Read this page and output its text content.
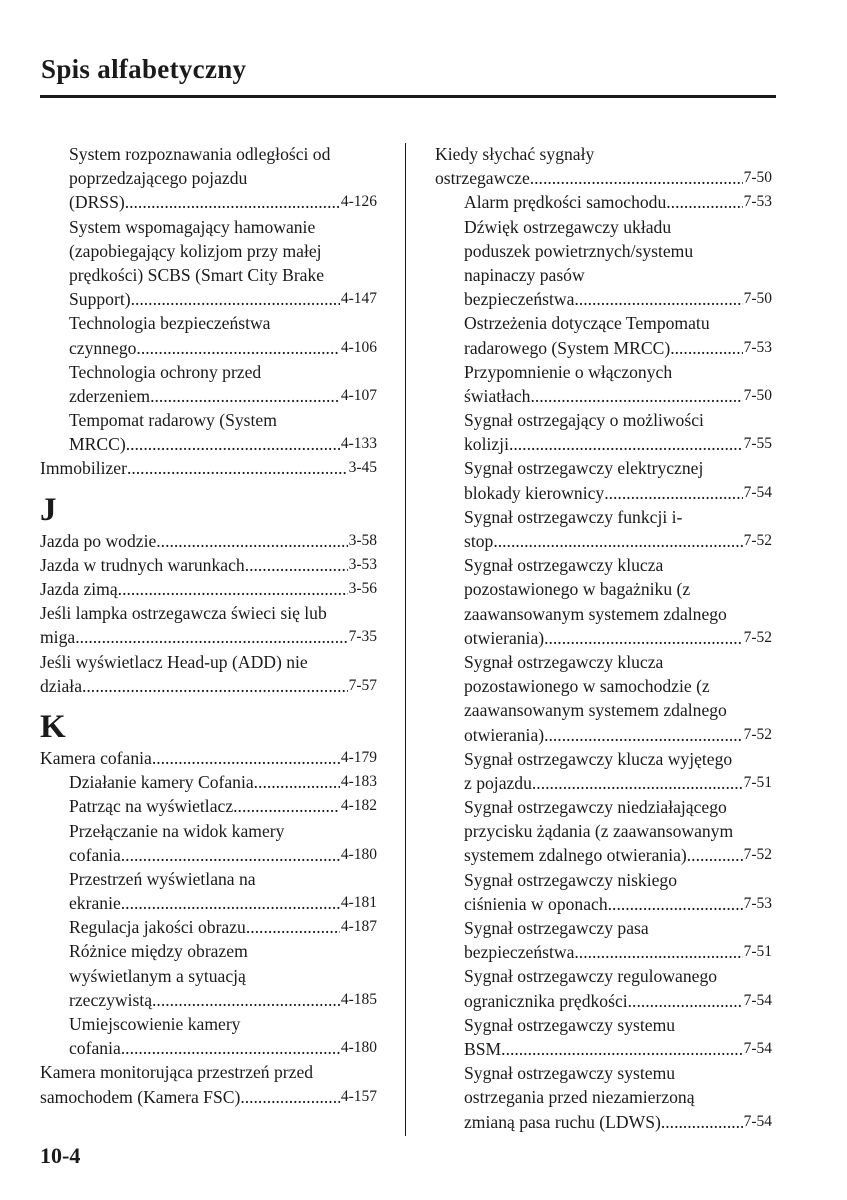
Spis alfabetyczny
System rozpoznawania odległości od
poprzedzającego pojazdu
(DRSS) .....	4-126
System wspomagający hamowanie
(zapobiegający kolizjom przy małej
prędkości) SCBS (Smart City Brake
Support) .....	4-147
Technologia bezpieczeństwa
czynnego .....	4-106
Technologia ochrony przed
zderzeniem .....	4-107
Tempomat radarowy (System
MRCC) .....	4-133
Immobilizer .....	3-45
J
Jazda po wodzie .....	3-58
Jazda w trudnych warunkach .....	3-53
Jazda zimą .....	3-56
Jeśli lampka ostrzegawcza świeci się lub
miga .....	7-35
Jeśli wyświetlacz Head-up (ADD) nie
działa .....	7-57
K
Kamera cofania .....	4-179
Działanie kamery Cofania .....	4-183
Patrząc na wyświetlacz .....	4-182
Przełączanie na widok kamery
cofania .....	4-180
Przestrzeń wyświetlana na
ekranie .....	4-181
Regulacja jakości obrazu .....	4-187
Różnice między obrazem
wyświetlanym a sytuacją
rzeczywistą .....	4-185
Umiejscowienie kamery
cofania .....	4-180
Kamera monitorująca przestrzeń przed
samochodem (Kamera FSC) .....	4-157
Kiedy słychać sygnały
ostrzegawcze .....	7-50
Alarm prędkości samochodu .....	7-53
Dźwięk ostrzegawczy układu
poduszek powietrznych/systemu
napinaczy pasów
bezpieczeństwa .....	7-50
Ostrzeżenia dotyczące Tempomatu
radarowego (System MRCC) .....	7-53
Przypomnienie o włączonych
światłach .....	7-50
Sygnał ostrzegający o możliwości
kolizji .....	7-55
Sygnał ostrzegawczy elektrycznej
blokady kierownicy .....	7-54
Sygnał ostrzegawczy funkcji i-
stop .....	7-52
Sygnał ostrzegawczy klucza
pozostawionego w bagażniku (z
zaawansowanym systemem zdalnego
otwierania) .....	7-52
Sygnał ostrzegawczy klucza
pozostawionego w samochodzie (z
zaawansowanym systemem zdalnego
otwierania) .....	7-52
Sygnał ostrzegawczy klucza wyjętego
z pojazdu .....	7-51
Sygnał ostrzegawczy niedziałającego
przycisku żądania (z zaawansowanym
systemem zdalnego otwierania) .....	7-52
Sygnał ostrzegawczy niskiego
ciśnienia w oponach .....	7-53
Sygnał ostrzegawczy pasa
bezpieczeństwa .....	7-51
Sygnał ostrzegawczy regulowanego
ogranicznika prędkości .....	7-54
Sygnał ostrzegawczy systemu
BSM .....	7-54
Sygnał ostrzegawczy systemu
ostrzegania przed niezamierzoną
zmianą pasa ruchu (LDWS) .....	7-54
10-4
